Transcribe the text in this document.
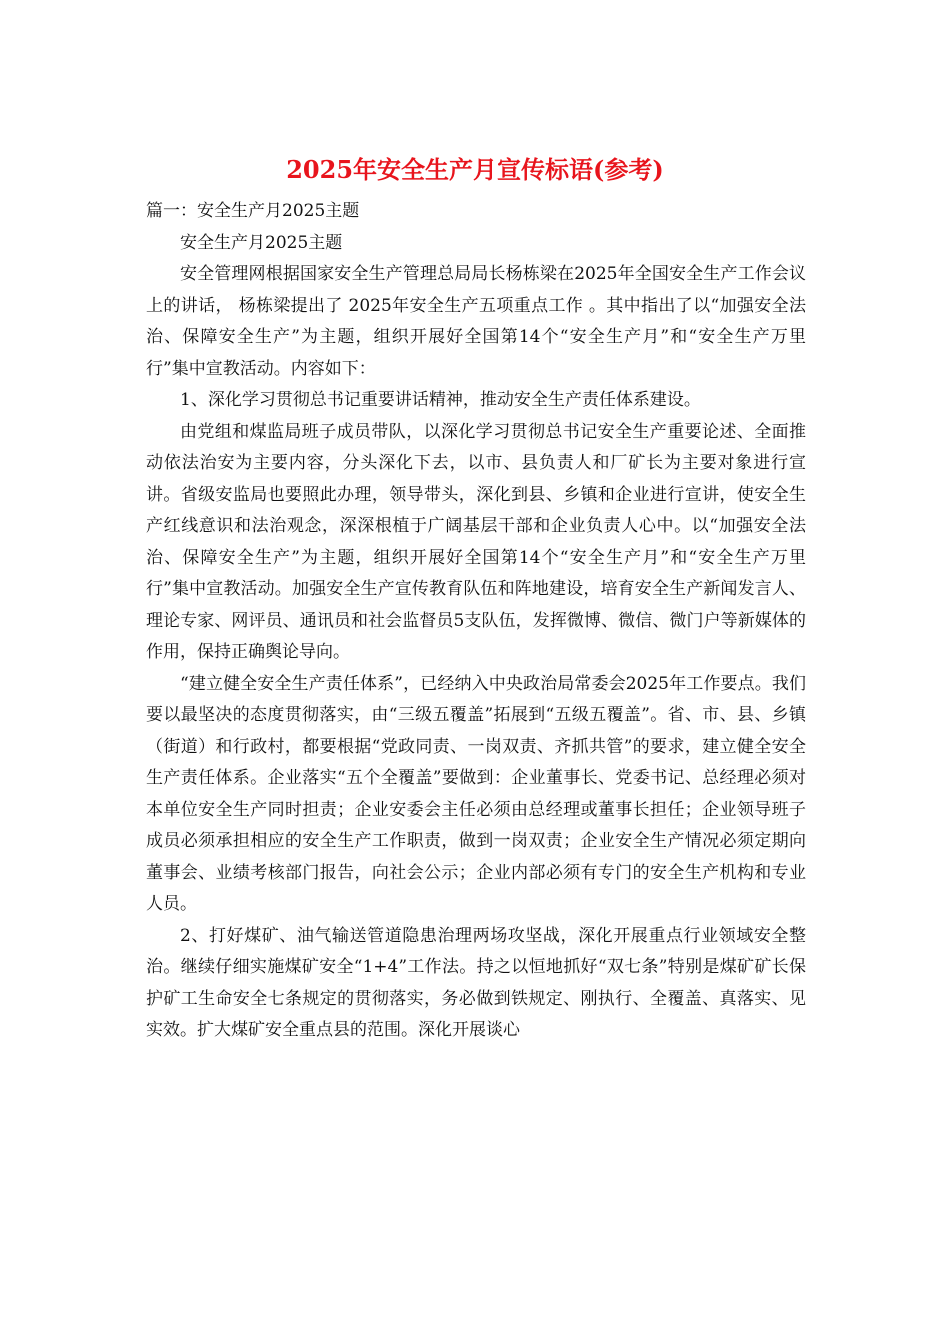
2025年安全生产月宣传标语(参考)

篇一：安全生产月2025主题

安全生产月2025主题

安全管理网根据国家安全生产管理总局局长杨栋梁在2025年全国安全生产工作会议上的讲话， 杨栋梁提出了 2025年安全生产五项重点工作 。其中指出了以“加强安全法治、保障安全生产”为主题，组织开展好全国第14个“安全生产月”和“安全生产万里行”集中宣教活动。内容如下：

1、深化学习贯彻总书记重要讲话精神，推动安全生产责任体系建设。

由党组和煤监局班子成员带队，以深化学习贯彻总书记安全生产重要论述、全面推动依法治安为主要内容，分头深化下去，以市、县负责人和厂矿长为主要对象进行宣讲。省级安监局也要照此办理，领导带头，深化到县、乡镇和企业进行宣讲，使安全生产红线意识和法治观念，深深根植于广阔基层干部和企业负责人心中。以“加强安全法治、保障安全生产”为主题，组织开展好全国第14个“安全生产月”和“安全生产万里行”集中宣教活动。加强安全生产宣传教育队伍和阵地建设，培育安全生产新闻发言人、理论专家、网评员、通讯员和社会监督员5支队伍，发挥微博、微信、微门户等新媒体的作用，保持正确舆论导向。

“建立健全安全生产责任体系”，已经纳入中央政治局常委会2025年工作要点。我们要以最坚决的态度贯彻落实，由“三级五覆盖”拓展到“五级五覆盖”。省、市、县、乡镇（街道）和行政村，都要根据“党政同责、一岗双责、齐抓共管”的要求，建立健全安全生产责任体系。企业落实“五个全覆盖”要做到：企业董事长、党委书记、总经理必须对本单位安全生产同时担责；企业安委会主任必须由总经理或董事长担任；企业领导班子成员必须承担相应的安全生产工作职责，做到一岗双责；企业安全生产情况必须定期向董事会、业绩考核部门报告，向社会公示；企业内部必须有专门的安全生产机构和专业人员。

2、打好煤矿、油气输送管道隐患治理两场攻坚战，深化开展重点行业领域安全整治。继续仔细实施煤矿安全“1+4”工作法。持之以恒地抓好“双七条”特别是煤矿矿长保护矿工生命安全七条规定的贯彻落实，务必做到铁规定、刚执行、全覆盖、真落实、见实效。扩大煤矿安全重点县的范围。深化开展谈心
